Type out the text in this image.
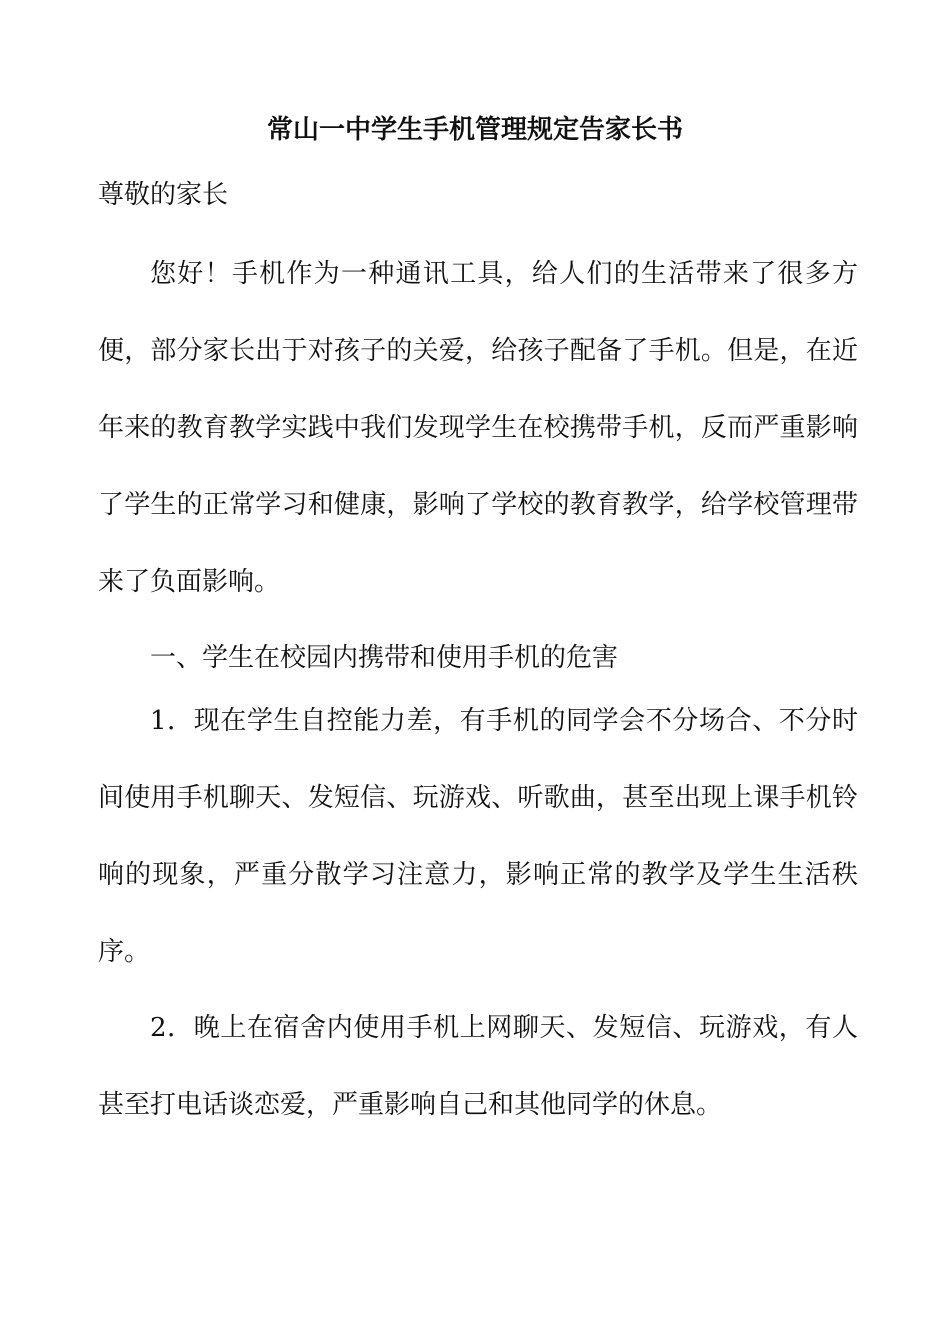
常山一中学生手机管理规定告家长书
尊敬的家长

您好！手机作为一种通讯工具，给人们的生活带来了很多方便，部分家长出于对孩子的关爱，给孩子配备了手机。但是，在近年来的教育教学实践中我们发现学生在校携带手机，反而严重影响了学生的正常学习和健康，影响了学校的教育教学，给学校管理带来了负面影响。

一、学生在校园内携带和使用手机的危害

1．现在学生自控能力差，有手机的同学会不分场合、不分时间使用手机聊天、发短信、玩游戏、听歌曲，甚至出现上课手机铃响的现象，严重分散学习注意力，影响正常的教学及学生生活秩序。

2．晚上在宿舍内使用手机上网聊天、发短信、玩游戏，有人甚至打电话谈恋爱，严重影响自己和其他同学的休息。
